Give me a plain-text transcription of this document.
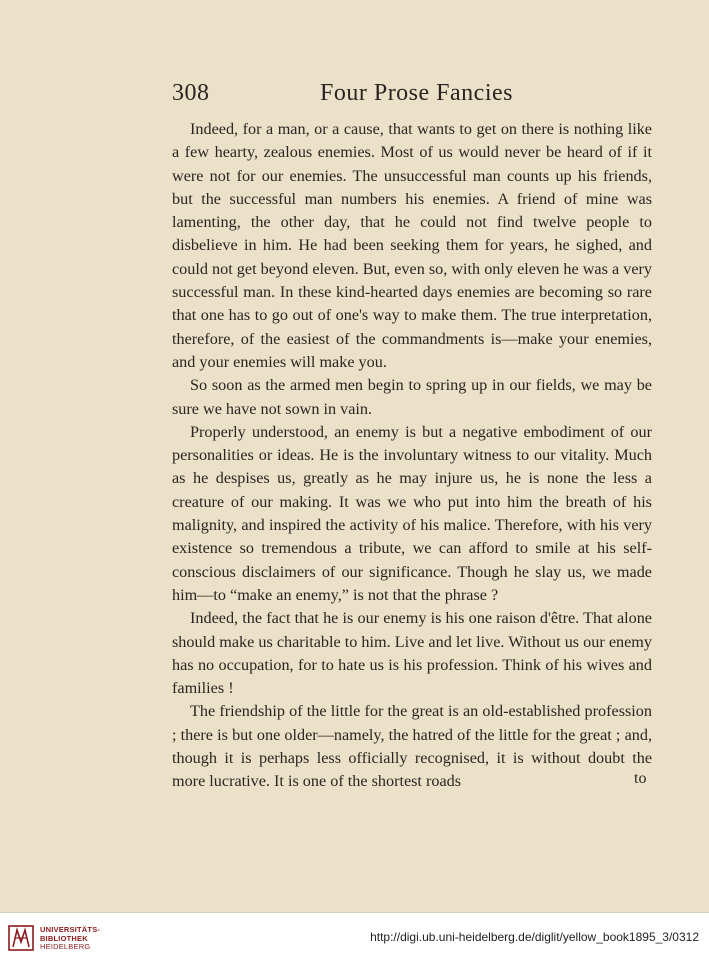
308	Four Prose Fancies

Indeed, for a man, or a cause, that wants to get on there is nothing like a few hearty, zealous enemies. Most of us would never be heard of if it were not for our enemies. The unsuccessful man counts up his friends, but the successful man numbers his enemies. A friend of mine was lamenting, the other day, that he could not find twelve people to disbelieve in him. He had been seeking them for years, he sighed, and could not get beyond eleven. But, even so, with only eleven he was a very successful man. In these kind-hearted days enemies are becoming so rare that one has to go out of one's way to make them. The true interpretation, therefore, of the easiest of the commandments is—make your enemies, and your enemies will make you.

So soon as the armed men begin to spring up in our fields, we may be sure we have not sown in vain.

Properly understood, an enemy is but a negative embodiment of our personalities or ideas. He is the involuntary witness to our vitality. Much as he despises us, greatly as he may injure us, he is none the less a creature of our making. It was we who put into him the breath of his malignity, and inspired the activity of his malice. Therefore, with his very existence so tremendous a tribute, we can afford to smile at his self-conscious disclaimers of our significance. Though he slay us, we made him—to “make an enemy,” is not that the phrase ?

Indeed, the fact that he is our enemy is his one raison d'être. That alone should make us charitable to him. Live and let live. Without us our enemy has no occupation, for to hate us is his profession. Think of his wives and families !

The friendship of the little for the great is an old-established profession ; there is but one older—namely, the hatred of the little for the great ; and, though it is perhaps less officially recognised, it is without doubt the more lucrative. It is one of the shortest roads	to
UNIVERSITÄTS-
BIBLIOTHEK
HEIDELBERG
http://digi.ub.uni-heidelberg.de/diglit/yellow_book1895_3/0312
